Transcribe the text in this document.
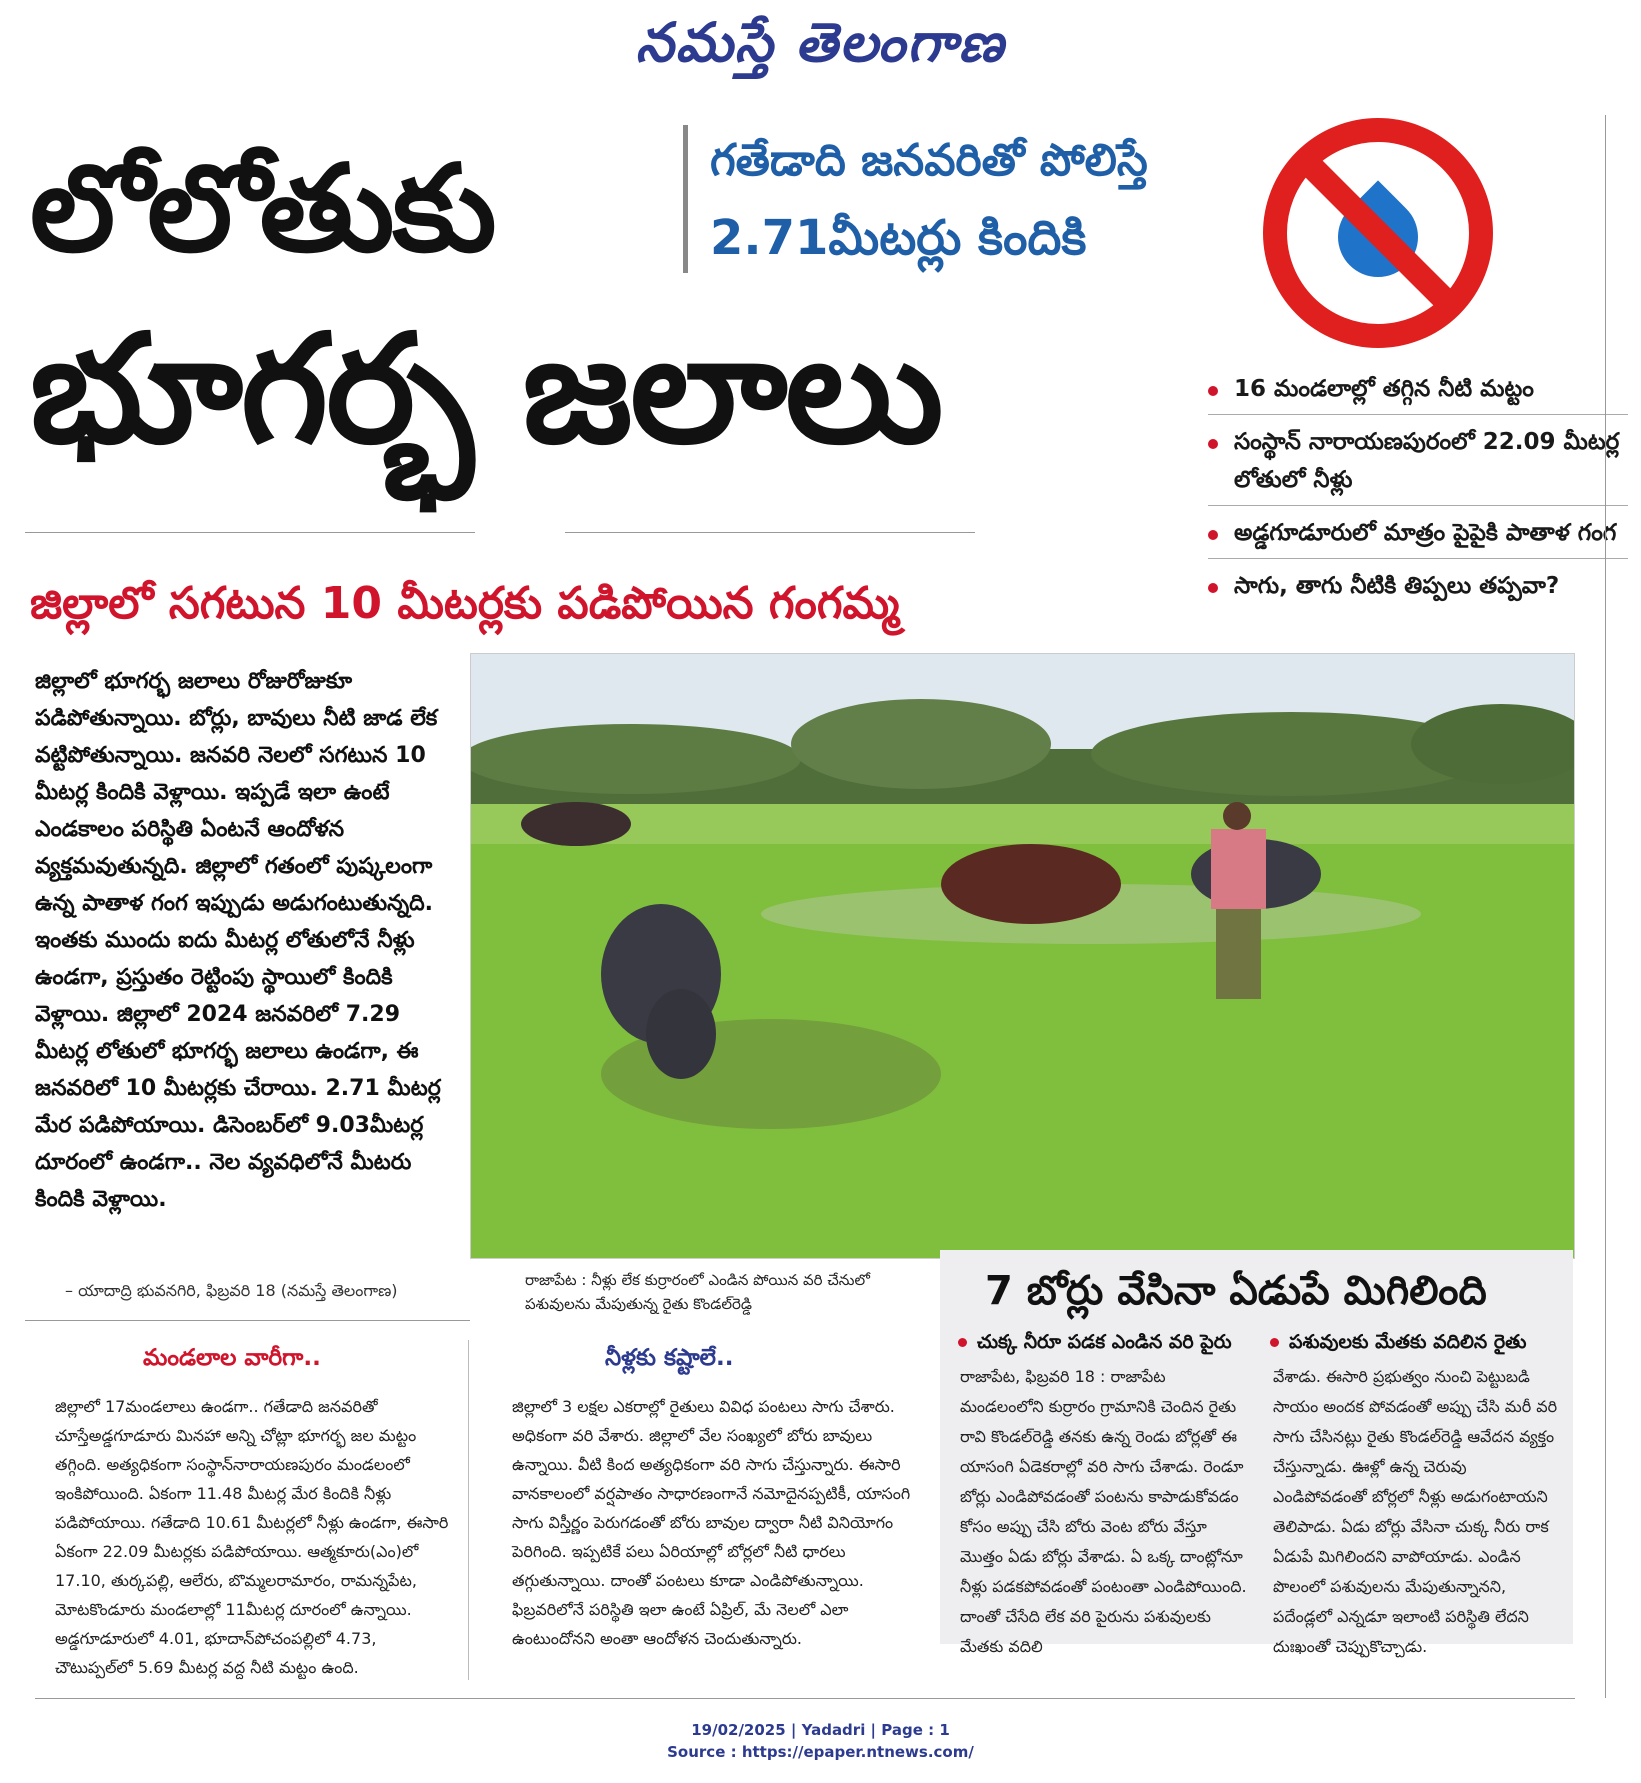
నమస్తే తెలంగాణ
లోలోతుకు
భూగర్భ జలాలు
గతేడాది జనవరితో పోలిస్తే
2.71మీటర్లు కిందికి
16 మండలాల్లో తగ్గిన నీటి మట్టం
సంస్థాన్ నారాయణపురంలో 22.09 మీటర్ల లోతులో నీళ్లు
అడ్డగూడూరులో మాత్రం పైపైకి పాతాళ గంగ
సాగు, తాగు నీటికి తిప్పలు తప్పవా?
జిల్లాలో సగటున 10 మీటర్లకు పడిపోయిన గంగమ్మ
జిల్లాలో భూగర్భ జలాలు రోజురోజుకూ పడిపోతున్నాయి. బోర్లు, బావులు నీటి జాడ లేక వట్టిపోతున్నాయి. జనవరి నెలలో సగటున 10 మీటర్ల కిందికి వెళ్లాయి. ఇప్పడే ఇలా ఉంటే ఎండకాలం పరిస్థితి ఏంటనే ఆందోళన వ్యక్తమవుతున్నది. జిల్లాలో గతంలో పుష్కలంగా ఉన్న పాతాళ గంగ ఇప్పుడు అడుగంటుతున్నది. ఇంతకు ముందు ఐదు మీటర్ల లోతులోనే నీళ్లు ఉండగా, ప్రస్తుతం రెట్టింపు స్థాయిలో కిందికి వెళ్లాయి. జిల్లాలో 2024 జనవరిలో 7.29 మీటర్ల లోతులో భూగర్భ జలాలు ఉండగా, ఈ జనవరిలో 10 మీటర్లకు చేరాయి. 2.71 మీటర్ల మేర పడిపోయాయి. డిసెంబర్‌లో 9.03మీటర్ల దూరంలో ఉండగా.. నెల వ్యవధిలోనే మీటరు కిందికి వెళ్లాయి.
– యాదాద్రి భువనగిరి, ఫిబ్రవరి 18 (నమస్తే తెలంగాణ)
రాజాపేట : నీళ్లు లేక కుర్రారంలో ఎండిన పోయిన వరి చేనులో పశువులను మేపుతున్న రైతు కొండల్‌రెడ్డి
మండలాల వారీగా..
జిల్లాలో 17మండలాలు ఉండగా.. గతేడాది జనవరితో చూస్తేఅడ్డగూడూరు మినహా అన్ని చోట్లా భూగర్భ జల మట్టం తగ్గింది. అత్యధికంగా సంస్థాన్‌నారాయణపురం మండలంలో ఇంకిపోయింది. ఏకంగా 11.48 మీటర్ల మేర కిందికి నీళ్లు పడిపోయాయి. గతేడాది 10.61 మీటర్లలో నీళ్లు ఉండగా, ఈసారి ఏకంగా 22.09 మీటర్లకు పడిపోయాయి. ఆత్మకూరు(ఎం)లో 17.10, తుర్కపల్లి, ఆలేరు, బొమ్మలరామారం, రామన్నపేట, మోటకొండూరు మండలాల్లో 11మీటర్ల దూరంలో ఉన్నాయి. అడ్డగూడూరులో 4.01, భూదాన్‌పోచంపల్లిలో 4.73, చౌటుప్పల్‌లో 5.69 మీటర్ల వద్ద నీటి మట్టం ఉంది.
నీళ్లకు కష్టాలే..
జిల్లాలో 3 లక్షల ఎకరాల్లో రైతులు వివిధ పంటలు సాగు చేశారు. అధికంగా వరి వేశారు. జిల్లాలో వేల సంఖ్యలో బోరు బావులు ఉన్నాయి. వీటి కింద అత్యధికంగా వరి సాగు చేస్తున్నారు. ఈసారి వానకాలంలో వర్షపాతం సాధారణంగానే నమోదైనప్పటికీ, యాసంగి సాగు విస్తీర్ణం పెరుగడంతో బోరు బావుల ద్వారా నీటి వినియోగం పెరిగింది. ఇప్పటికే పలు ఏరియాల్లో బోర్లలో నీటి ధారలు తగ్గుతున్నాయి. దాంతో పంటలు కూడా ఎండిపోతున్నాయి. ఫిబ్రవరిలోనే పరిస్థితి ఇలా ఉంటే ఏప్రిల్, మే నెలలో ఎలా ఉంటుందోనని అంతా ఆందోళన చెందుతున్నారు.
7 బోర్లు వేసినా ఏడుపే మిగిలింది
చుక్క నీరూ పడక ఎండిన వరి పైరు	పశువులకు మేతకు వదిలిన రైతు
రాజాపేట, ఫిబ్రవరి 18 : రాజాపేట మండలంలోని కుర్రారం గ్రామానికి చెందిన రైతు రావి కొండల్‌రెడ్డి తనకు ఉన్న రెండు బోర్లతో ఈ యాసంగి ఏడెకరాల్లో వరి సాగు చేశాడు. రెండూ బోర్లు ఎండిపోవడంతో పంటను కాపాడుకోవడం కోసం అప్పు చేసి బోరు వెంట బోరు వేస్తూ మొత్తం ఏడు బోర్లు వేశాడు. ఏ ఒక్క దాంట్లోనూ నీళ్లు పడకపోవడంతో పంటంతా ఎండిపోయింది. దాంతో చేసేది లేక వరి పైరును పశువులకు మేతకు వదిలి
వేశాడు. ఈసారి ప్రభుత్వం నుంచి పెట్టుబడి సాయం అందక పోవడంతో అప్పు చేసి మరీ వరి సాగు చేసినట్లు రైతు కొండల్‌రెడ్డి ఆవేదన వ్యక్తం చేస్తున్నాడు. ఊళ్లో ఉన్న చెరువు ఎండిపోవడంతో బోర్లలో నీళ్లు అడుగంటాయని తెలిపాడు. ఏడు బోర్లు వేసినా చుక్క నీరు రాక ఏడుపే మిగిలిందని వాపోయాడు. ఎండిన పొలంలో పశువులను మేపుతున్నానని, పదేండ్లలో ఎన్నడూ ఇలాంటి పరిస్థితి లేదని దుఃఖంతో చెప్పుకొచ్చాడు.
19/02/2025 | Yadadri | Page : 1
Source : https://epaper.ntnews.com/
